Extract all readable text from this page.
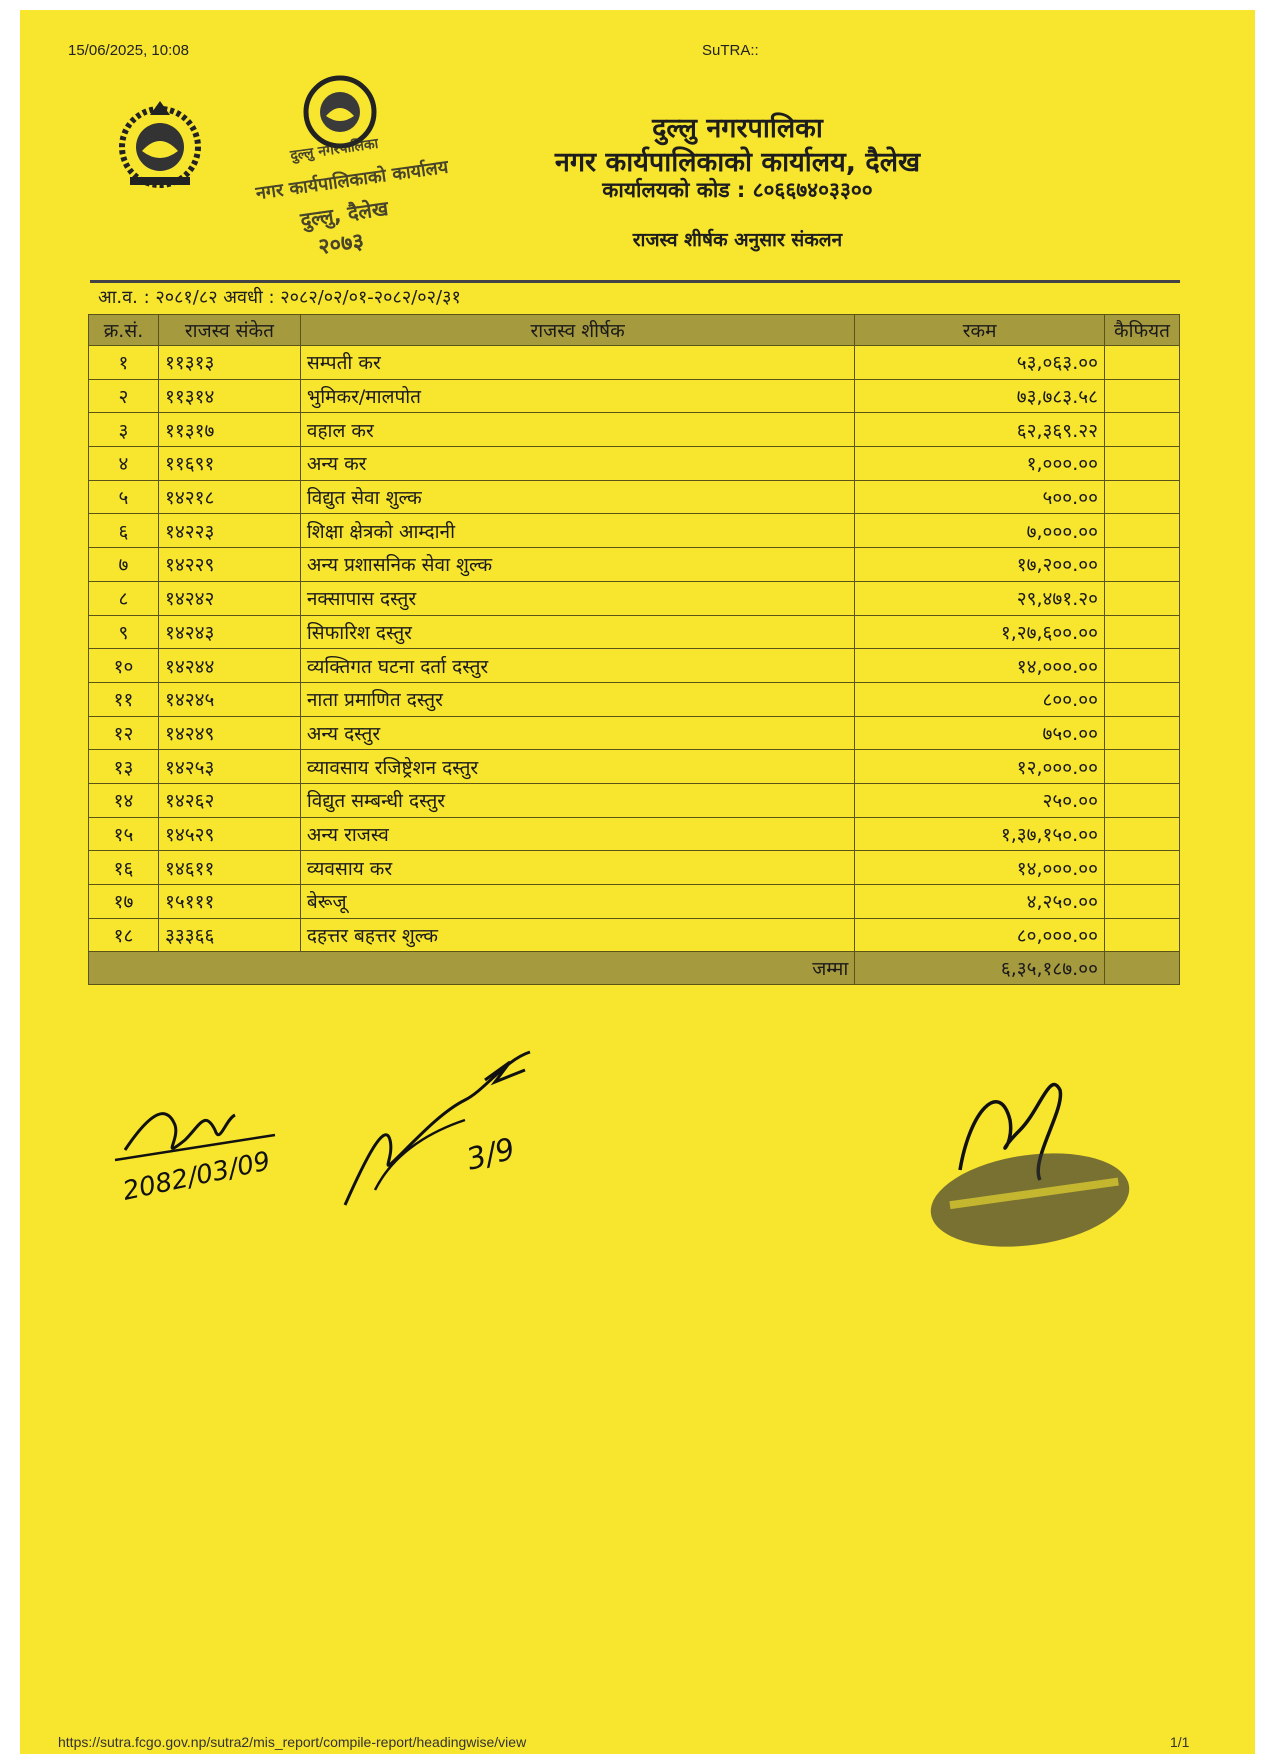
15/06/2025, 10:08	SuTRA::
दुल्लु नगरपालिका
नगर कार्यपालिकाको कार्यालय
दुल्लु, दैलेख
२०७३
दुल्लु नगरपालिका
नगर कार्यपालिकाको कार्यालय, दैलेख
कार्यालयको कोड : ८०६६७४०३३००
राजस्व शीर्षक अनुसार संकलन
आ.व. : २०८१/८२ अवधी : २०८२/०२/०१-२०८२/०२/३१
क्र.सं.	राजस्व संकेत	राजस्व शीर्षक	रकम	कैफियत
१	११३१३	सम्पती कर	५३,०६३.००	
२	११३१४	भुमिकर/मालपोत	७३,७८३.५८	
३	११३१७	वहाल कर	६२,३६९.२२	
४	११६९१	अन्य कर	१,०००.००	
५	१४२१८	विद्युत सेवा शुल्क	५००.००	
६	१४२२३	शिक्षा क्षेत्रको आम्दानी	७,०००.००	
७	१४२२९	अन्य प्रशासनिक सेवा शुल्क	१७,२००.००	
८	१४२४२	नक्सापास दस्तुर	२९,४७१.२०	
९	१४२४३	सिफारिश दस्तुर	१,२७,६००.००	
१०	१४२४४	व्यक्तिगत घटना दर्ता दस्तुर	१४,०००.००	
११	१४२४५	नाता प्रमाणित दस्तुर	८००.००	
१२	१४२४९	अन्य दस्तुर	७५०.००	
१३	१४२५३	व्यावसाय रजिष्ट्रेशन दस्तुर	१२,०००.००	
१४	१४२६२	विद्युत सम्बन्धी दस्तुर	२५०.००	
१५	१४५२९	अन्य राजस्व	१,३७,१५०.००	
१६	१४६११	व्यवसाय कर	१४,०००.००	
१७	१५१११	बेरूजू	४,२५०.००	
१८	३३३६६	दहत्तर बहत्तर शुल्क	८०,०००.००	
जम्मा			६,३५,१८७.००	
2082/03/09	3/9
https://sutra.fcgo.gov.np/sutra2/mis_report/compile-report/headingwise/view	1/1
